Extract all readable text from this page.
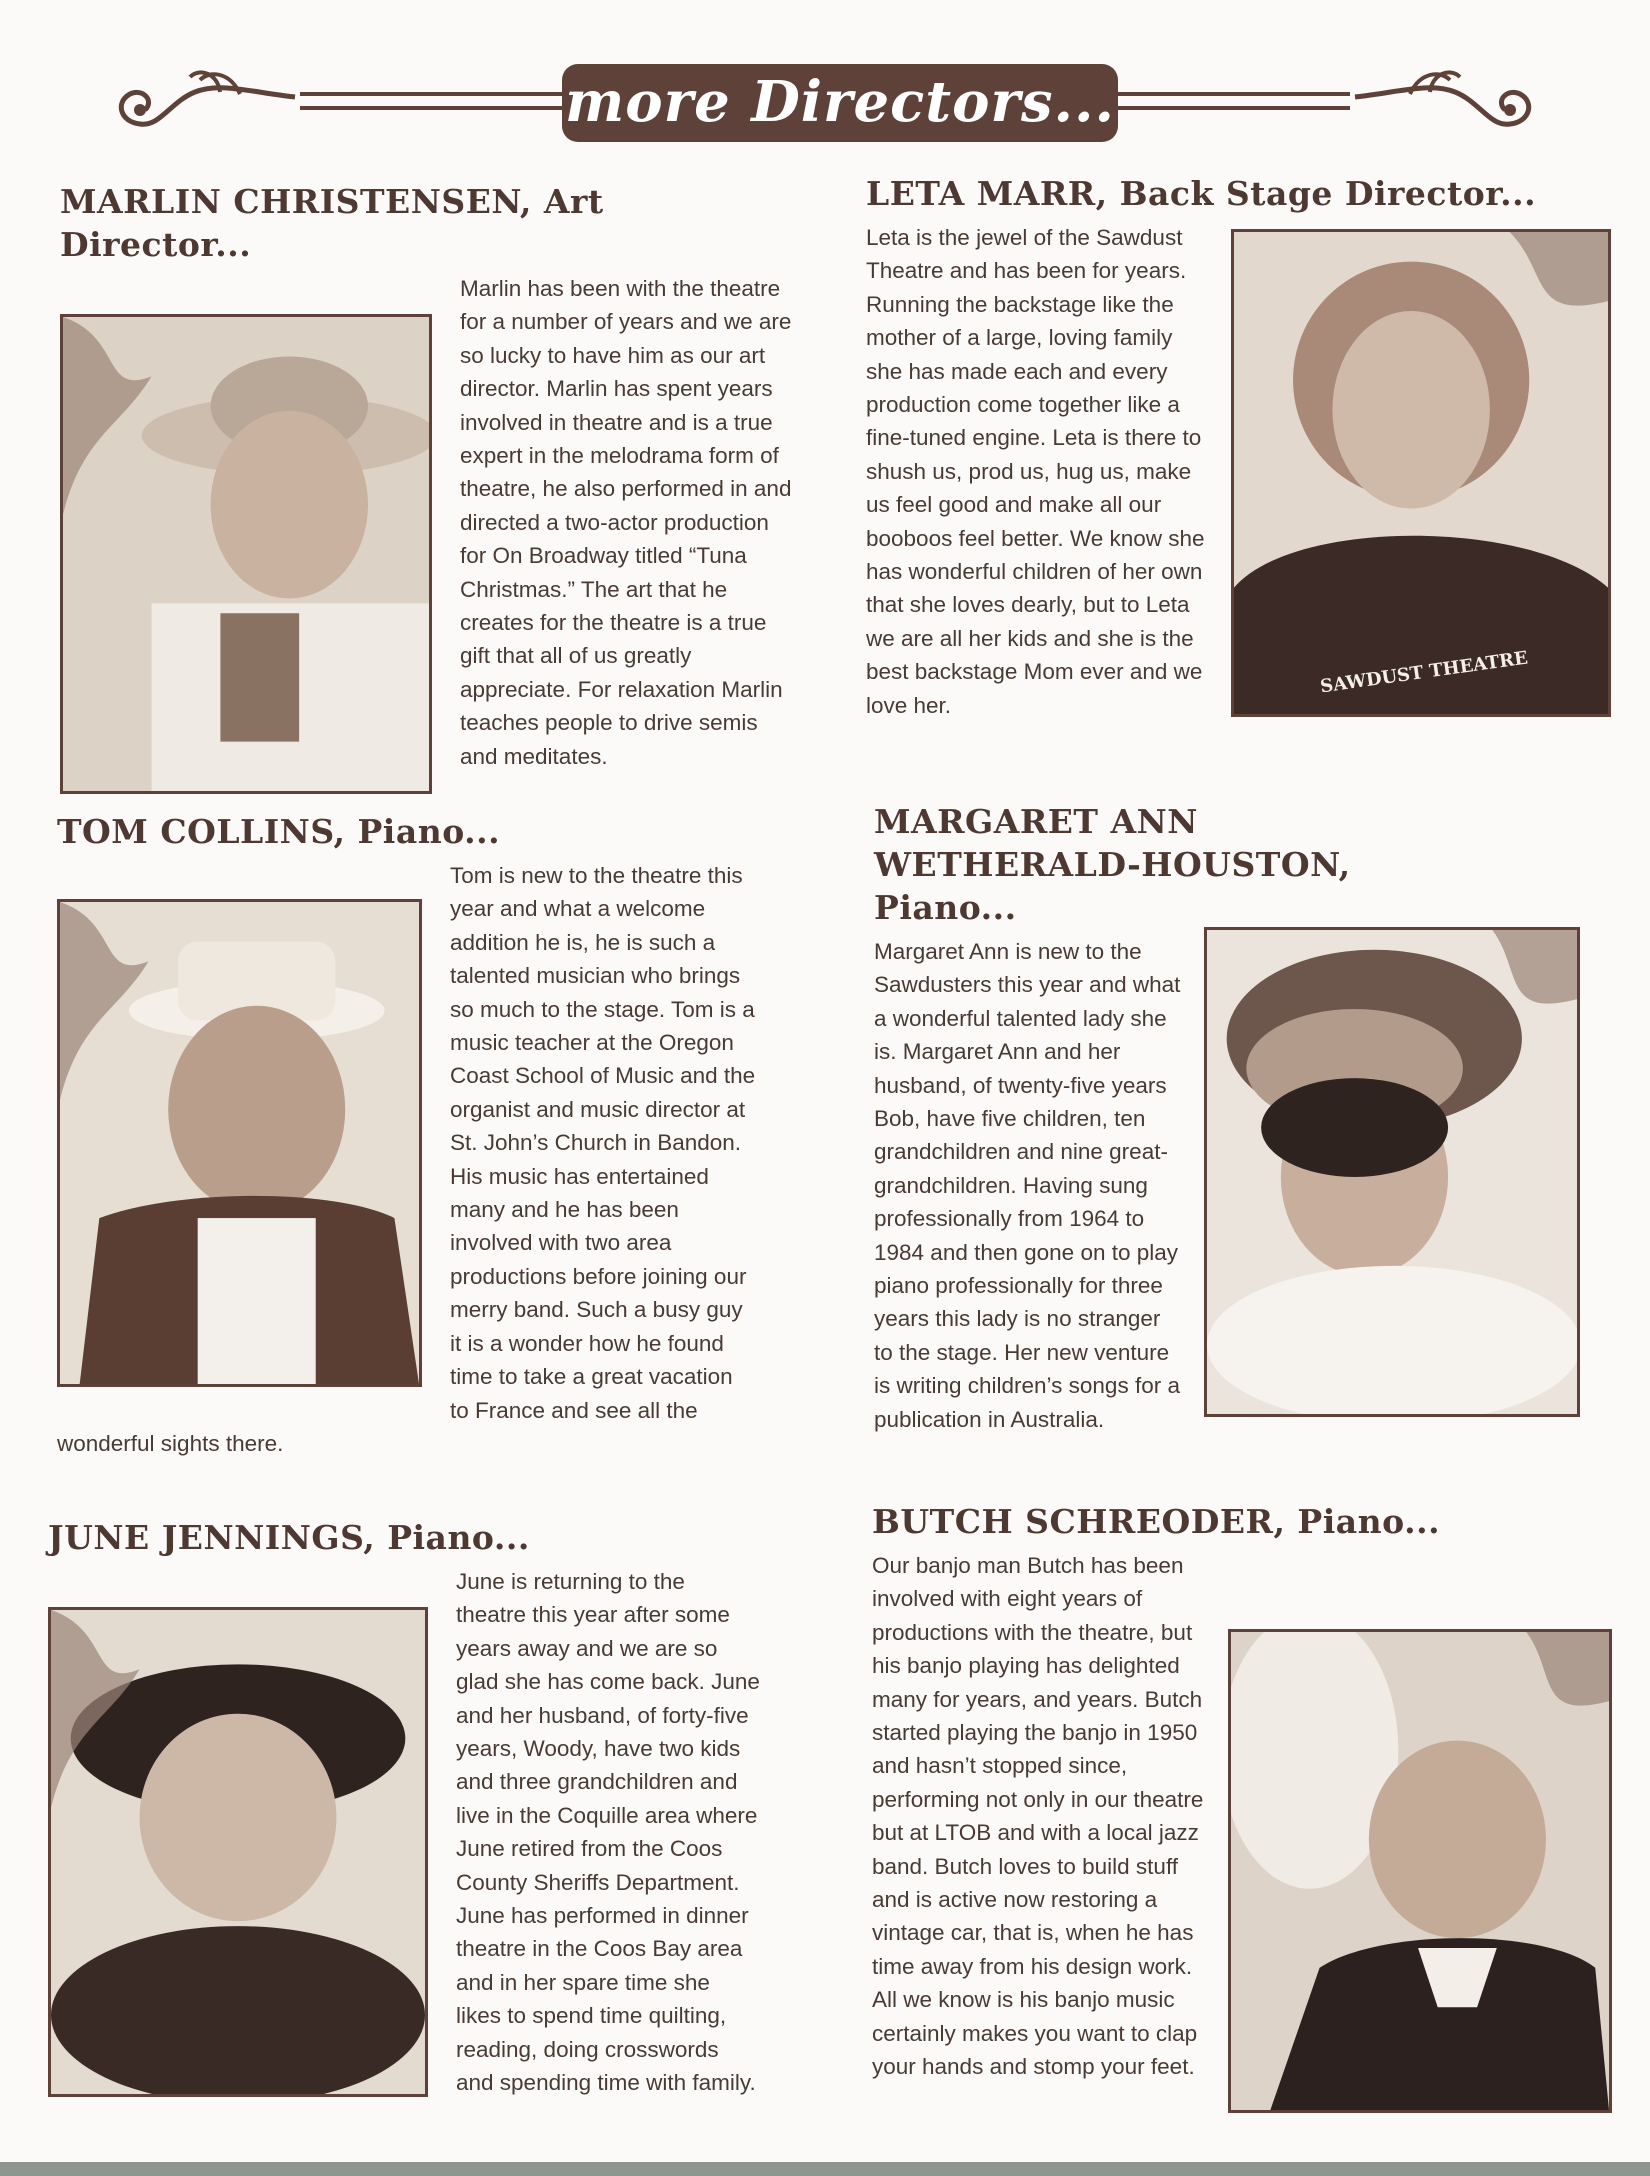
more Directors...
MARLIN CHRISTENSEN, Art Director...

Marlin has been with the theatre for a number of years and we are so lucky to have him as our art director. Marlin has spent years involved in theatre and is a true expert in the melodrama form of theatre, he also performed in and directed a two-actor production for On Broadway titled “Tuna Christmas.” The art that he creates for the theatre is a true gift that all of us greatly appreciate. For relaxation Marlin teaches people to drive semis and meditates.

LETA MARR, Back Stage Director...
SAWDUST THEATRE

Leta is the jewel of the Sawdust Theatre and has been for years. Running the backstage like the mother of a large, loving family she has made each and every production come together like a fine-tuned engine. Leta is there to shush us, prod us, hug us, make us feel good and make all our booboos feel better. We know she has wonderful children of her own that she loves dearly, but to Leta we are all her kids and she is the best backstage Mom ever and we love her.

TOM COLLINS, Piano...

Tom is new to the theatre this year and what a welcome addition he is, he is such a talented musician who brings so much to the stage. Tom is a music teacher at the Oregon Coast School of Music and the organist and music director at St. John’s Church in Bandon. His music has entertained many and he has been involved with two area productions before joining our merry band. Such a busy guy it is a wonder how he found time to take a great vacation to France and see all the wonderful sights there.

MARGARET ANN WETHERALD-HOUSTON, Piano...

Margaret Ann is new to the Sawdusters this year and what a wonderful talented lady she is. Margaret Ann and her husband, of twenty-five years Bob, have five children, ten grandchildren and nine great-grandchildren. Having sung professionally from 1964 to 1984 and then gone on to play piano professionally for three years this lady is no stranger to the stage. Her new venture is writing children’s songs for a publication in Australia.

JUNE JENNINGS, Piano...

June is returning to the theatre this year after some years away and we are so glad she has come back. June and her husband, of forty-five years, Woody, have two kids and three grandchildren and live in the Coquille area where June retired from the Coos County Sheriffs Department. June has performed in dinner theatre in the Coos Bay area and in her spare time she likes to spend time quilting, reading, doing crosswords and spending time with family.

BUTCH SCHREODER, Piano...

Our banjo man Butch has been involved with eight years of productions with the theatre, but his banjo playing has delighted many for years, and years. Butch started playing the banjo in 1950 and hasn’t stopped since, performing not only in our theatre but at LTOB and with a local jazz band. Butch loves to build stuff and is active now restoring a vintage car, that is, when he has time away from his design work. All we know is his banjo music certainly makes you want to clap your hands and stomp your feet.
